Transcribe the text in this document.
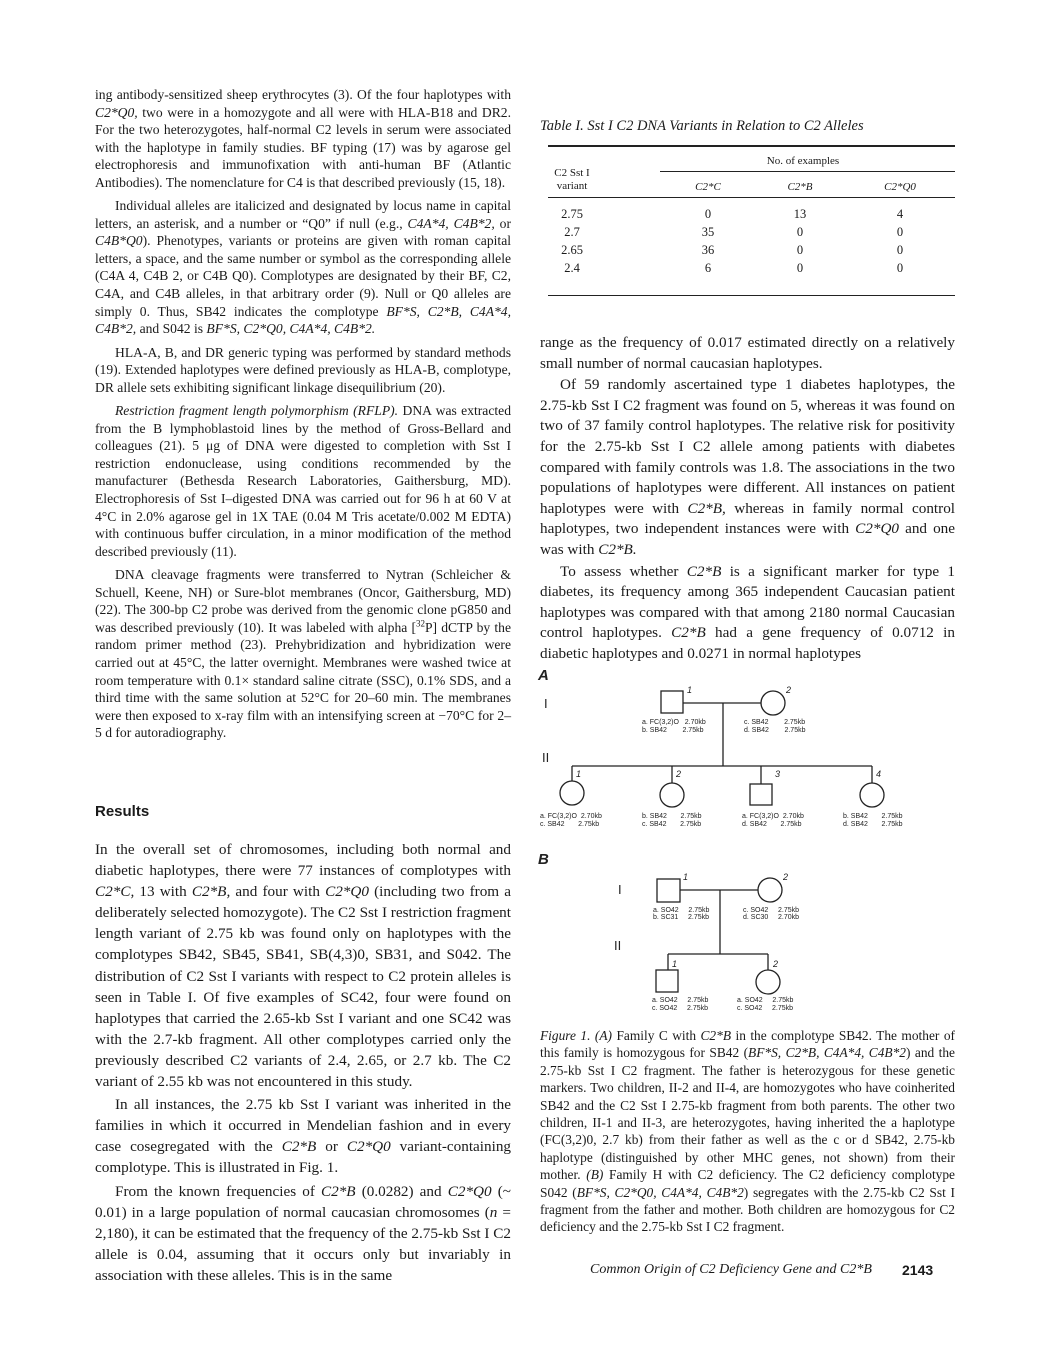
ing antibody-sensitized sheep erythrocytes (3). Of the four haplotypes with C2*Q0, two were in a homozygote and all were with HLA-B18 and DR2. For the two heterozygotes, half-normal C2 levels in serum were associated with the haplotype in family studies. BF typing (17) was by agarose gel electrophoresis and immunofixation with anti-human BF (Atlantic Antibodies). The nomenclature for C4 is that described previously (15, 18).

Individual alleles are italicized and designated by locus name in capital letters, an asterisk, and a number or “Q0” if null (e.g., C4A*4, C4B*2, or C4B*Q0). Phenotypes, variants or proteins are given with roman capital letters, a space, and the same number or symbol as the corresponding allele (C4A 4, C4B 2, or C4B Q0). Complotypes are designated by their BF, C2, C4A, and C4B alleles, in that arbitrary order (9). Null or Q0 alleles are simply 0. Thus, SB42 indicates the complotype BF*S, C2*B, C4A*4, C4B*2, and S042 is BF*S, C2*Q0, C4A*4, C4B*2.

HLA-A, B, and DR generic typing was performed by standard methods (19). Extended haplotypes were defined previously as HLA-B, complotype, DR allele sets exhibiting significant linkage disequilibrium (20).

Restriction fragment length polymorphism (RFLP). DNA was extracted from the B lymphoblastoid lines by the method of Gross-Bellard and colleagues (21). 5 μg of DNA were digested to completion with Sst I restriction endonuclease, using conditions recommended by the manufacturer (Bethesda Research Laboratories, Gaithersburg, MD). Electrophoresis of Sst I–digested DNA was carried out for 96 h at 60 V at 4°C in 2.0% agarose gel in 1X TAE (0.04 M Tris acetate/0.002 M EDTA) with continuous buffer circulation, in a minor modification of the method described previously (11).

DNA cleavage fragments were transferred to Nytran (Schleicher & Schuell, Keene, NH) or Sure-blot membranes (Oncor, Gaithersburg, MD) (22). The 300-bp C2 probe was derived from the genomic clone pG850 and was described previously (10). It was labeled with alpha [$^{32}$P] dCTP by the random primer method (23). Prehybridization and hybridization were carried out at 45°C, the latter overnight. Membranes were washed twice at room temperature with 0.1× standard saline citrate (SSC), 0.1% SDS, and a third time with the same solution at 52°C for 20–60 min. The membranes were then exposed to x-ray film with an intensifying screen at −70°C for 2–5 d for autoradiography.

Results

In the overall set of chromosomes, including both normal and diabetic haplotypes, there were 77 instances of complotypes with C2*C, 13 with C2*B, and four with C2*Q0 (including two from a deliberately selected homozygote). The C2 Sst I restriction fragment length variant of 2.75 kb was found only on haplotypes with the complotypes SB42, SB45, SB41, SB(4,3)0, SB31, and S042. The distribution of C2 Sst I variants with respect to C2 protein alleles is seen in Table I. Of five examples of SC42, four were found on haplotypes that carried the 2.65-kb Sst I variant and one SC42 was with the 2.7-kb fragment. All other complotypes carried only the previously described C2 variants of 2.4, 2.65, or 2.7 kb. The C2 variant of 2.55 kb was not encountered in this study.

In all instances, the 2.75 kb Sst I variant was inherited in the families in which it occurred in Mendelian fashion and in every case cosegregated with the C2*B or C2*Q0 variant-containing complotype. This is illustrated in Fig. 1.

From the known frequencies of C2*B (0.0282) and C2*Q0 (~ 0.01) in a large population of normal caucasian chromosomes (n = 2,180), it can be estimated that the frequency of the 2.75-kb Sst I C2 allele is 0.04, assuming that it occurs only but invariably in association with these alleles. This is in the same

Table I. Sst I C2 DNA Variants in Relation to C2 Alleles
C2 Sst I
variant
No. of examples
C2*C	C2*B	C2*Q0
2.75	0	13	4
2.7	35	0	0
2.65	36	0	0
2.4	6	0	0

range as the frequency of 0.017 estimated directly on a relatively small number of normal caucasian haplotypes.

Of 59 randomly ascertained type 1 diabetes haplotypes, the 2.75-kb Sst I C2 fragment was found on 5, whereas it was found on two of 37 family control haplotypes. The relative risk for positivity for the 2.75-kb Sst I C2 allele among patients with diabetes compared with family controls was 1.8. The associations in the two populations of haplotypes were different. All instances on patient haplotypes were with C2*B, whereas in family normal control haplotypes, two independent instances were with C2*Q0 and one was with C2*B.

To assess whether C2*B is a significant marker for type 1 diabetes, its frequency among 365 independent Caucasian patient haplotypes was compared with that among 2180 normal Caucasian control haplotypes. C2*B had a gene frequency of 0.0712 in diabetic haplotypes and 0.0271 in normal haplotypes

A
I
II
1	2
a. FC(3,2)O   2.70kb
b. SB42        2.75kb
c. SB42        2.75kb
d. SB42        2.75kb
1	2	3	4
a. FC(3,2)O  2.70kb
c. SB42       2.75kb
b. SB42       2.75kb
c. SB42       2.75kb
a. FC(3,2)O  2.70kb
d. SB42       2.75kb
b. SB42       2.75kb
d. SB42       2.75kb
B
I
II
1	2
a. SO42     2.75kb
b. SC31     2.75kb
c. SO42     2.75kb
d. SC30     2.70kb
1	2
a. SO42     2.75kb
c. SO42     2.75kb
a. SO42     2.75kb
c. SO42     2.75kb

Figure 1. (A) Family C with C2*B in the complotype SB42. The mother of this family is homozygous for SB42 (BF*S, C2*B, C4A*4, C4B*2) and the 2.75-kb Sst I C2 fragment. The father is heterozygous for these genetic markers. Two children, II-2 and II-4, are homozygotes who have coinherited SB42 and the C2 Sst I 2.75-kb fragment from both parents. The other two children, II-1 and II-3, are heterozygotes, having inherited the a haplotype (FC(3,2)0, 2.7 kb) from their father as well as the c or d SB42, 2.75-kb haplotype (distinguished by other MHC genes, not shown) from their mother. (B) Family H with C2 deficiency. The C2 deficiency complotype S042 (BF*S, C2*Q0, C4A*4, C4B*2) segregates with the 2.75-kb C2 Sst I fragment from the father and mother. Both children are homozygous for C2 deficiency and the 2.75-kb Sst I C2 fragment.

Common Origin of C2 Deficiency Gene and C2*B 2143
